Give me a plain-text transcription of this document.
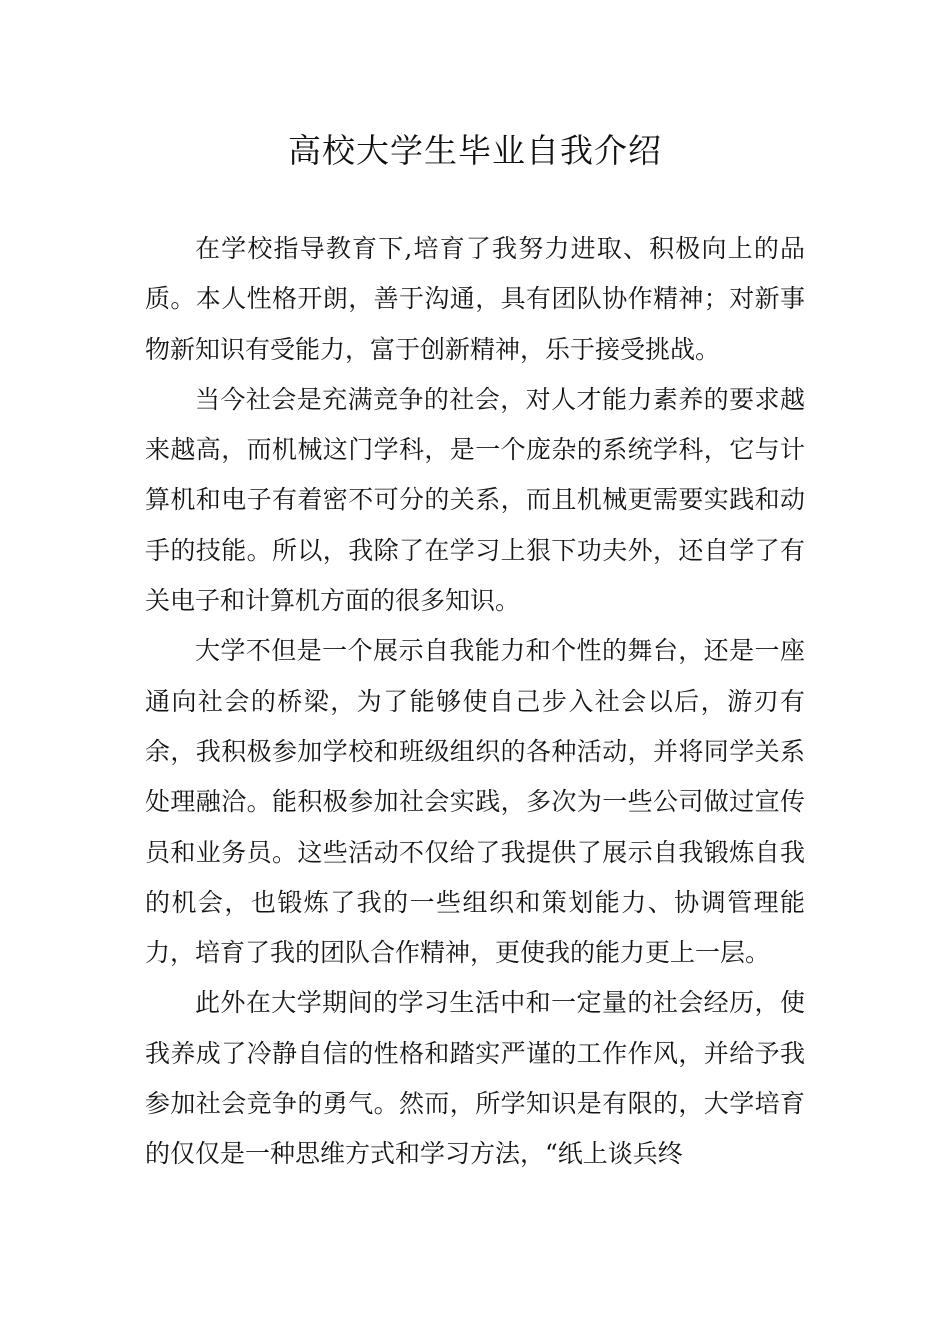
高校大学生毕业自我介绍

在学校指导教育下,培育了我努力进取、积极向上的品质。本人性格开朗，善于沟通，具有团队协作精神；对新事物新知识有受能力，富于创新精神，乐于接受挑战。

当今社会是充满竞争的社会，对人才能力素养的要求越来越高，而机械这门学科，是一个庞杂的系统学科，它与计算机和电子有着密不可分的关系，而且机械更需要实践和动手的技能。所以，我除了在学习上狠下功夫外，还自学了有关电子和计算机方面的很多知识。

大学不但是一个展示自我能力和个性的舞台，还是一座通向社会的桥梁，为了能够使自己步入社会以后，游刃有余，我积极参加学校和班级组织的各种活动，并将同学关系处理融洽。能积极参加社会实践，多次为一些公司做过宣传员和业务员。这些活动不仅给了我提供了展示自我锻炼自我的机会，也锻炼了我的一些组织和策划能力、协调管理能力，培育了我的团队合作精神，更使我的能力更上一层。

此外在大学期间的学习生活中和一定量的社会经历，使我养成了冷静自信的性格和踏实严谨的工作作风，并给予我参加社会竞争的勇气。然而，所学知识是有限的，大学培育的仅仅是一种思维方式和学习方法，“纸上谈兵终
